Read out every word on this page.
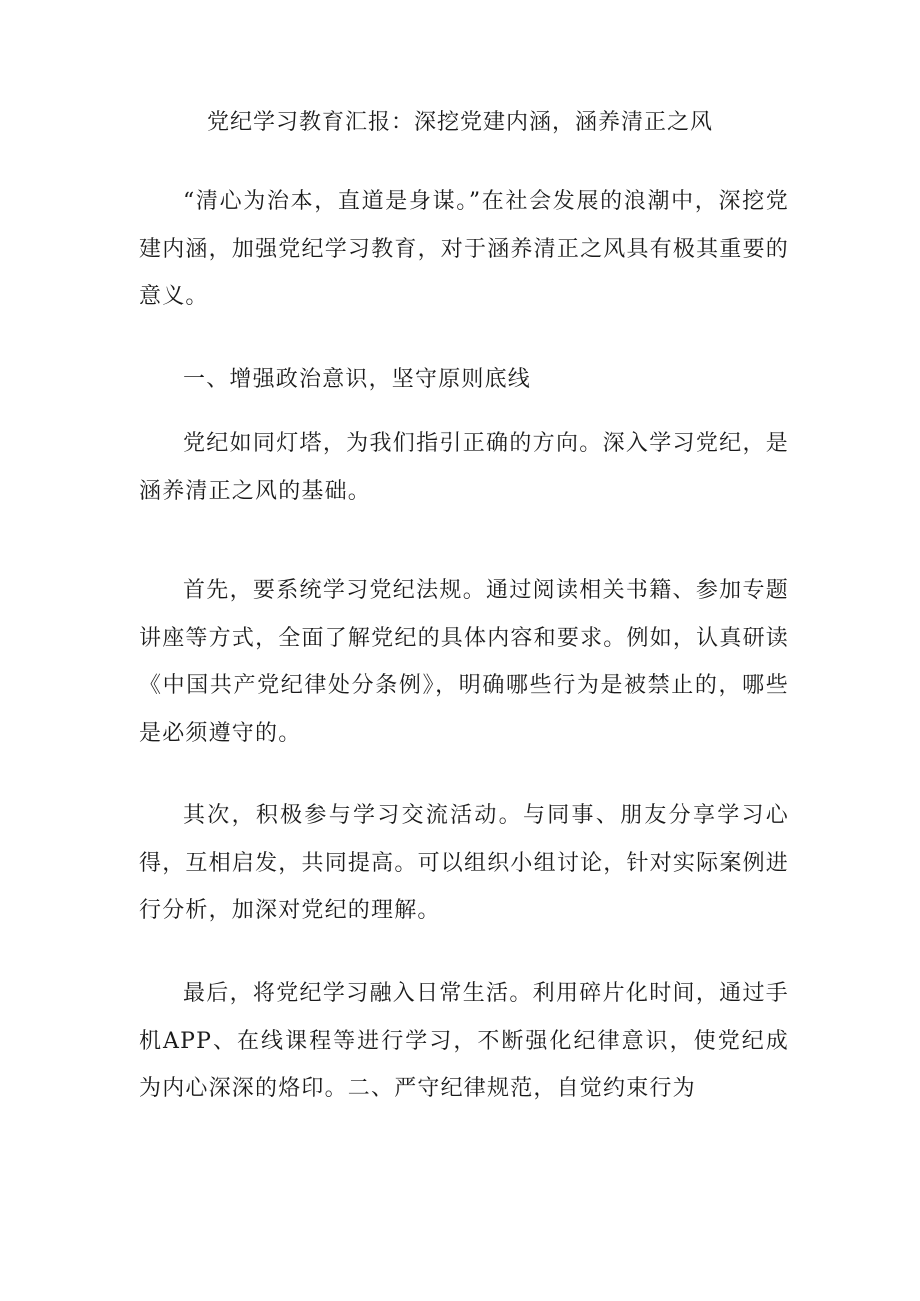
党纪学习教育汇报：深挖党建内涵，涵养清正之风

“清心为治本，直道是身谋。”在社会发展的浪潮中，深挖党建内涵，加强党纪学习教育，对于涵养清正之风具有极其重要的意义。

一、增强政治意识，坚守原则底线

党纪如同灯塔，为我们指引正确的方向。深入学习党纪，是涵养清正之风的基础。

首先，要系统学习党纪法规。通过阅读相关书籍、参加专题讲座等方式，全面了解党纪的具体内容和要求。例如，认真研读《中国共产党纪律处分条例》，明确哪些行为是被禁止的，哪些是必须遵守的。

其次，积极参与学习交流活动。与同事、朋友分享学习心得，互相启发，共同提高。可以组织小组讨论，针对实际案例进行分析，加深对党纪的理解。

最后，将党纪学习融入日常生活。利用碎片化时间，通过手机APP、在线课程等进行学习，不断强化纪律意识，使党纪成为内心深深的烙印。二、严守纪律规范，自觉约束行为
